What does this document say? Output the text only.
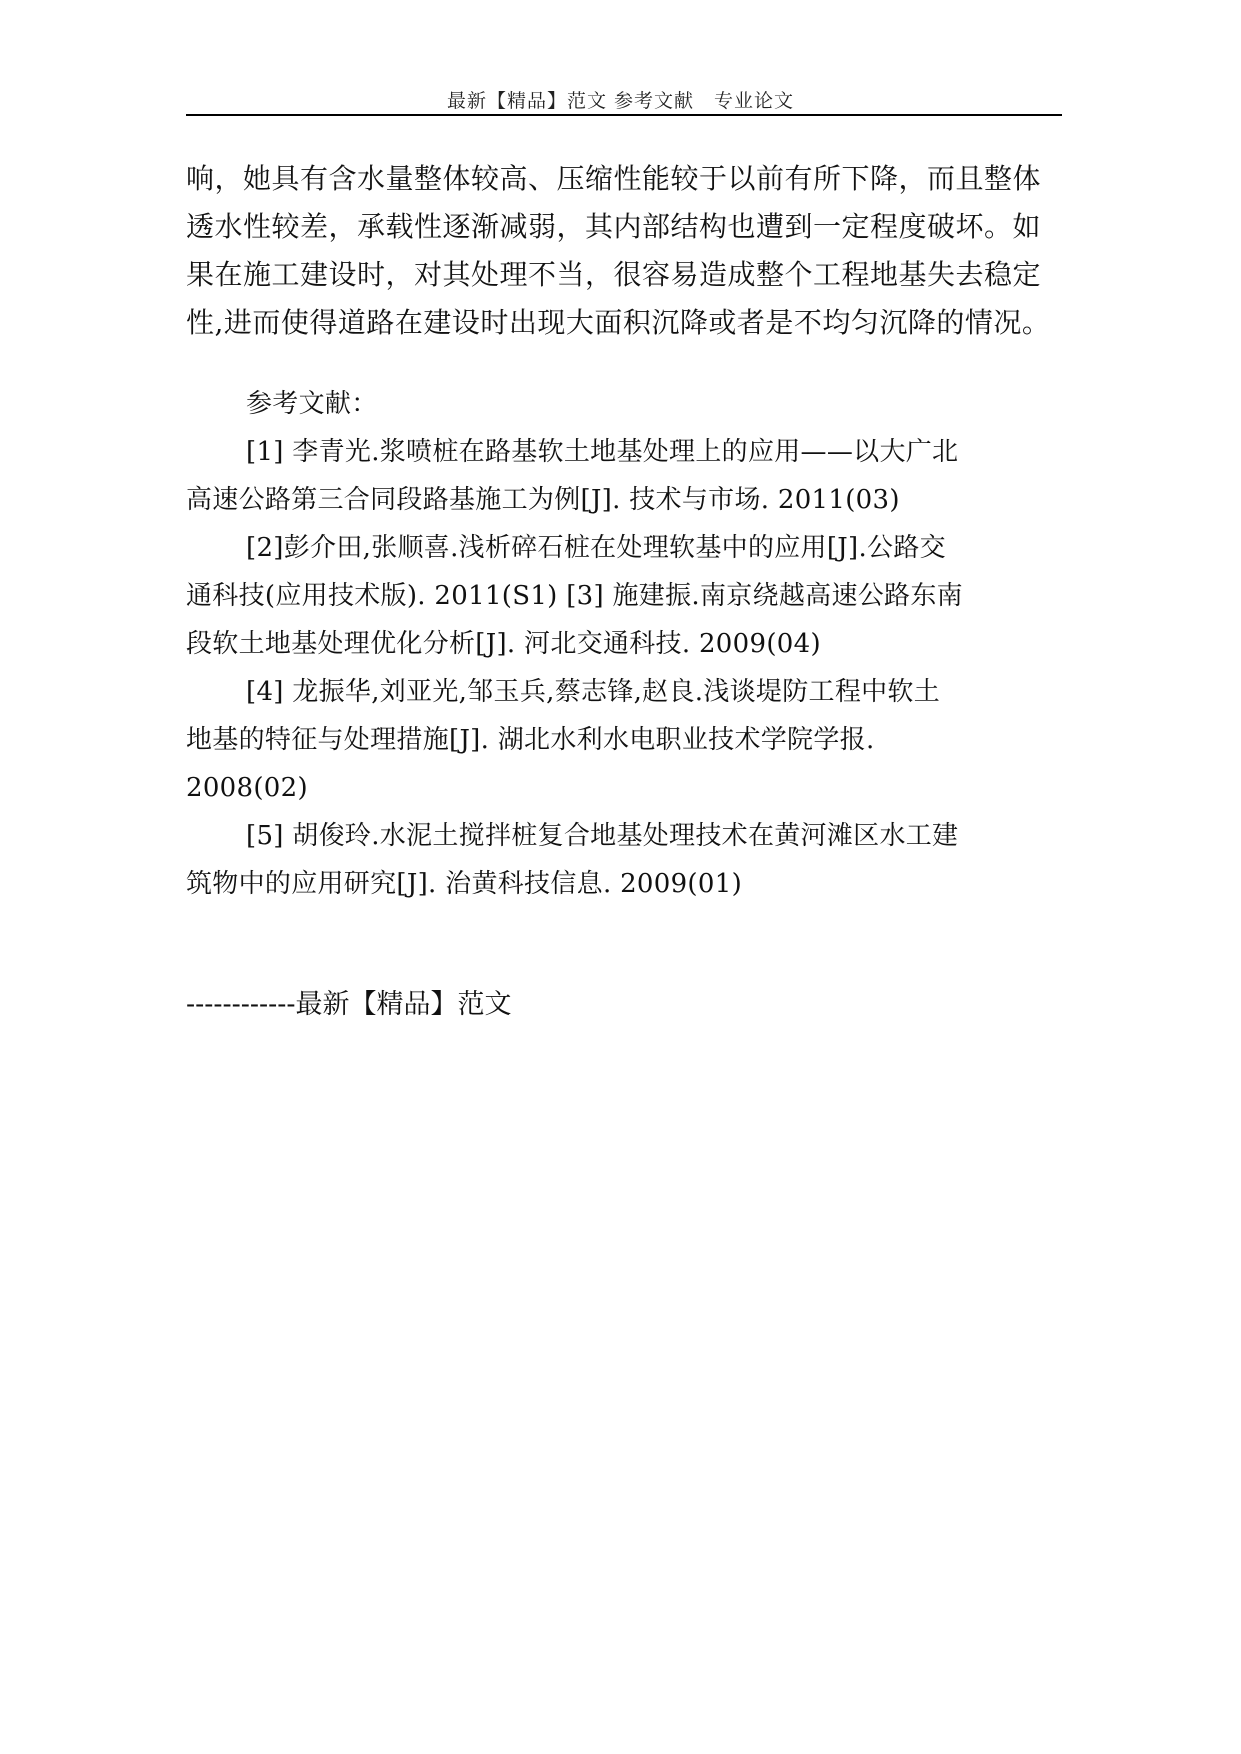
最新【精品】范文 参考文献　专业论文
响，她具有含水量整体较高、压缩性能较于以前有所下降，而且整体
透水性较差，承载性逐渐减弱，其内部结构也遭到一定程度破坏。如
果在施工建设时，对其处理不当，很容易造成整个工程地基失去稳定
性,进而使得道路在建设时出现大面积沉降或者是不均匀沉降的情况。
参考文献：
[1] 李青光.浆喷桩在路基软土地基处理上的应用——以大广北
高速公路第三合同段路基施工为例[J]. 技术与市场. 2011(03)
[2]彭介田,张顺喜.浅析碎石桩在处理软基中的应用[J].公路交
通科技(应用技术版). 2011(S1) [3] 施建振.南京绕越高速公路东南
段软土地基处理优化分析[J]. 河北交通科技. 2009(04)
[4] 龙振华,刘亚光,邹玉兵,蔡志锋,赵良.浅谈堤防工程中软土
地基的特征与处理措施[J]. 湖北水利水电职业技术学院学报.
2008(02)
[5] 胡俊玲.水泥土搅拌桩复合地基处理技术在黄河滩区水工建
筑物中的应用研究[J]. 治黄科技信息. 2009(01)
------------最新【精品】范文
